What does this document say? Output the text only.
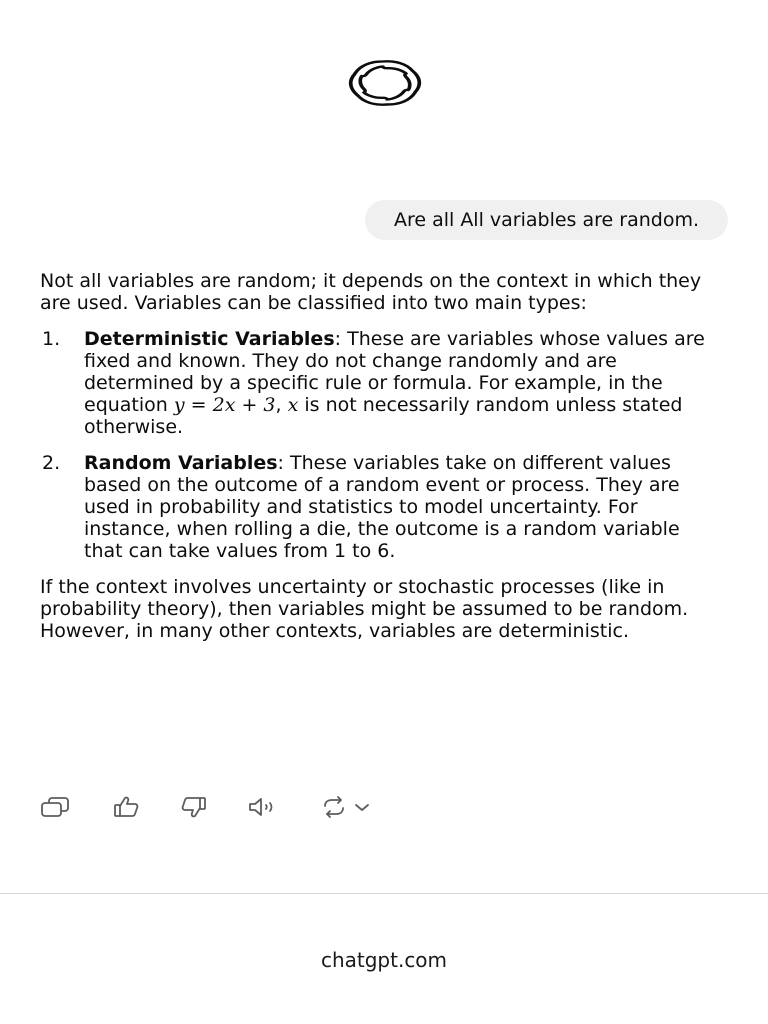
Are all All variables are random.

Not all variables are random; it depends on the context in which they are used. Variables can be classified into two main types:

1. Deterministic Variables: These are variables whose values are fixed and known. They do not change randomly and are determined by a specific rule or formula. For example, in the equation y = 2x + 3, x is not necessarily random unless stated otherwise.
2. Random Variables: These variables take on different values based on the outcome of a random event or process. They are used in probability and statistics to model uncertainty. For instance, when rolling a die, the outcome is a random variable that can take values from 1 to 6.

If the context involves uncertainty or stochastic processes (like in probability theory), then variables might be assumed to be random. However, in many other contexts, variables are deterministic.

chatgpt.com
